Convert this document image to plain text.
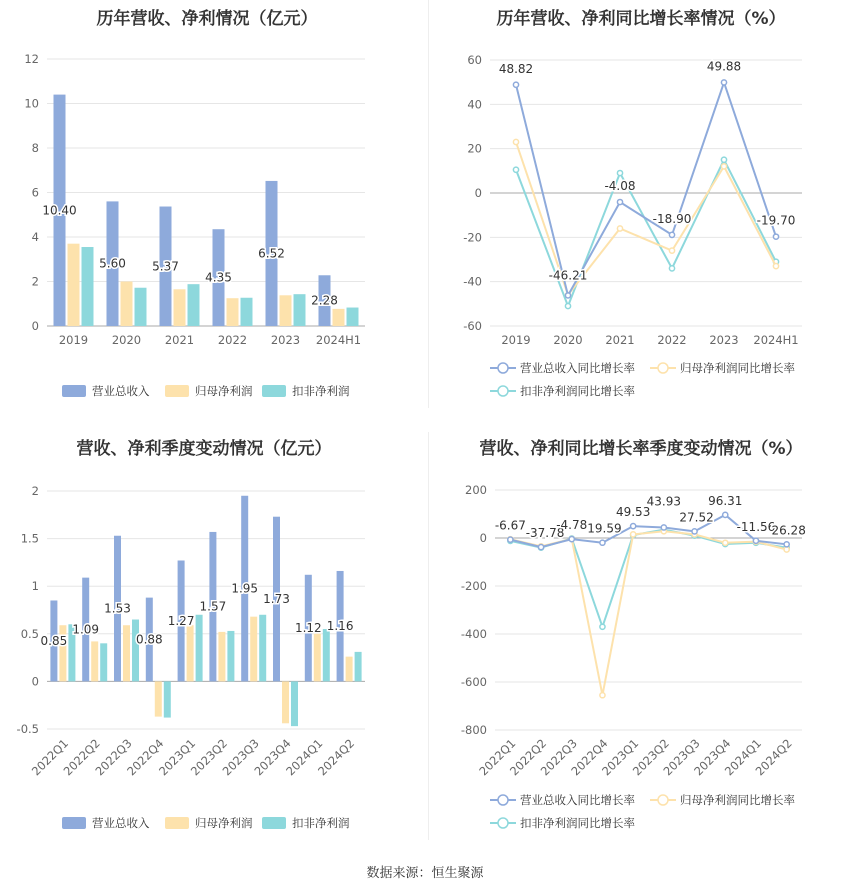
历年营收、净利情况（亿元）	历年营收、净利同比增长率情况（%）
营收、净利季度变动情况（亿元）	营收、净利同比增长率季度变动情况（%）
0
2
4
6
8
10
12
10.40
5.60 5.37
4.35
6.52
2.28
2019 2020 2021 2022 2023 2024H1
营业总收入	归母净利润	扣非净利润
-60
-40
-20
0
20
40
60
48.82
-46.21
-4.08
-18.90
49.88
-19.70
2019 2020 2021 2022 2023 2024H1
营业总收入同比增长率	归母净利润同比增长率
扣非净利润同比增长率
-0.5
0
0.5
1
1.5
2
0.85
1.09
1.53
0.88
1.27
1.57
1.95
1.73
1.12 1.16
2022Q1
2022Q2
2022Q3
2022Q4
2023Q1
2023Q2
2023Q3
2023Q4
2024Q1
2024Q2
营业总收入	归母净利润	扣非净利润
-800
-600
-400
-200
0
200
-6.67
-37.78
-4.78 19.59
49.53
43.93
27.52
96.31
-11.56
26.28
2022Q1
2022Q2
2022Q3
2022Q4
2023Q1
2023Q2
2023Q3
2023Q4
2024Q1
2024Q2
营业总收入同比增长率	归母净利润同比增长率
扣非净利润同比增长率
数据来源：恒生聚源
